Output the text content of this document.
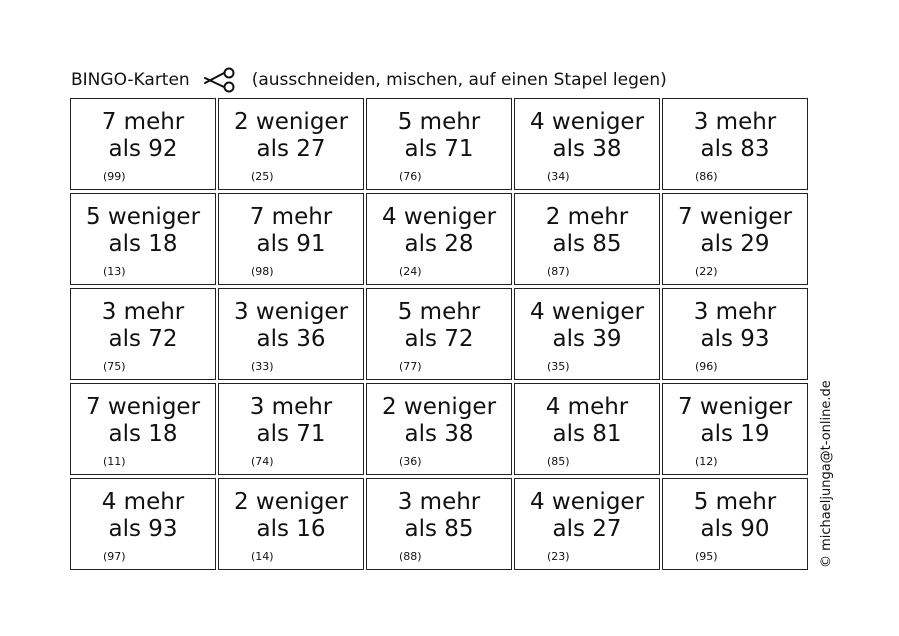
BINGO-Karten	(ausschneiden, mischen, auf einen Stapel legen)
7 mehr
als 92
(99)
2 weniger
als 27
(25)
5 mehr
als 71
(76)
4 weniger
als 38
(34)
3 mehr
als 83
(86)
5 weniger
als 18
(13)
7 mehr
als 91
(98)
4 weniger
als 28
(24)
2 mehr
als 85
(87)
7 weniger
als 29
(22)
3 mehr
als 72
(75)
3 weniger
als 36
(33)
5 mehr
als 72
(77)
4 weniger
als 39
(35)
3 mehr
als 93
(96)
7 weniger
als 18
(11)
3 mehr
als 71
(74)
2 weniger
als 38
(36)
4 mehr
als 81
(85)
7 weniger
als 19
(12)
4 mehr
als 93
(97)
2 weniger
als 16
(14)
3 mehr
als 85
(88)
4 weniger
als 27
(23)
5 mehr
als 90
(95)	© michaeljunga@t-online.de
